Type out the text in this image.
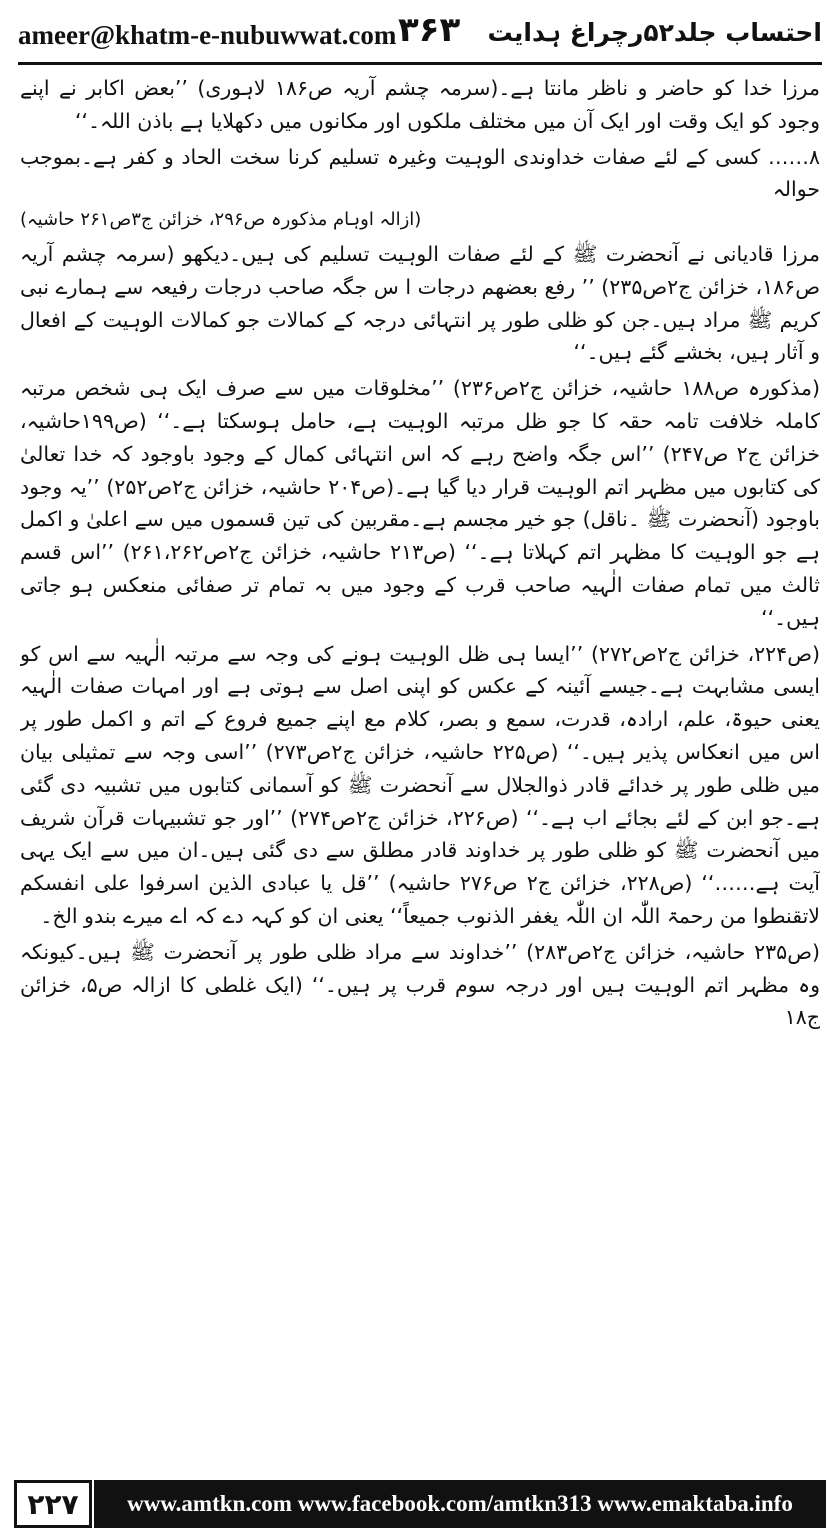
ameer@khatm-e-nubuwwat.com ۳۶۳ احتساب جلد۵۲رچراغ ہدایت

مرزا خدا کو حاضر و ناظر مانتا ہے۔(سرمہ چشم آریہ ص۱۸۶ لاہوری) ’’بعض اکابر نے اپنے وجود کو ایک وقت اور ایک آن میں مختلف ملکوں اور مکانوں میں دکھلایا ہے باذن اللہ۔‘‘

۸…… کسی کے لئے صفات خداوندی الوہیت وغیرہ تسلیم کرنا سخت الحاد و کفر ہے۔بموجب حوالہ
(ازالہ اوہام مذکورہ ص۲۹۶، خزائن ج۳ص۲۶۱ حاشیہ)

مرزا قادیانی نے آنحضرت ﷺ کے لئے صفات الوہیت تسلیم کی ہیں۔دیکھو (سرمہ چشم آریہ ص۱۸۶، خزائن ج۲ص۲۳۵) ’’ رفع بعضھم درجات ا س جگہ صاحب درجات رفیعہ سے ہمارے نبی کریم ﷺ مراد ہیں۔جن کو ظلی طور پر انتہائی درجہ کے کمالات جو کمالات الوہیت کے افعال و آثار ہیں، بخشے گئے ہیں۔‘‘

(مذکورہ ص۱۸۸ حاشیہ، خزائن ج۲ص۲۳۶) ’’مخلوقات میں سے صرف ایک ہی شخص مرتبہ کاملہ خلافت تامہ حقہ کا جو ظل مرتبہ الوہیت ہے، حامل ہوسکتا ہے۔‘‘ (ص۱۹۹حاشیہ، خزائن ج۲ ص۲۴۷) ’’اس جگہ واضح رہے کہ اس انتہائی کمال کے وجود باوجود کہ خدا تعالیٰ کی کتابوں میں مظہر اتم الوہیت قرار دیا گیا ہے۔(ص۲۰۴ حاشیہ، خزائن ج۲ص۲۵۲) ’’یہ وجود باوجود (آنحضرت ﷺ ۔ناقل) جو خیر مجسم ہے۔مقربین کی تین قسموں میں سے اعلیٰ و اکمل ہے جو الوہیت کا مظہر اتم کہلاتا ہے۔‘‘ (ص۲۱۳ حاشیہ، خزائن ج۲ص۲۶۱،۲۶۲) ’’اس قسم ثالث میں تمام صفات الٰہیہ صاحب قرب کے وجود میں بہ تمام تر صفائی منعکس ہو جاتی ہیں۔‘‘

(ص۲۲۴، خزائن ج۲ص۲۷۲) ’’ایسا ہی ظل الوہیت ہونے کی وجہ سے مرتبہ الٰہیہ سے اس کو ایسی مشابہت ہے۔جیسے آئینہ کے عکس کو اپنی اصل سے ہوتی ہے اور امہات صفات الٰہیہ یعنی حیوۃ، علم، ارادہ، قدرت، سمع و بصر، کلام مع اپنے جمیع فروع کے اتم و اکمل طور پر اس میں انعکاس پذیر ہیں۔‘‘ (ص۲۲۵ حاشیہ، خزائن ج۲ص۲۷۳) ’’اسی وجہ سے تمثیلی بیان میں ظلی طور پر خدائے قادر ذوالجلال سے آنحضرت ﷺ کو آسمانی کتابوں میں تشبیہ دی گئی ہے۔جو ابن کے لئے بجائے اب ہے۔‘‘ (ص۲۲۶، خزائن ج۲ص۲۷۴) ’’اور جو تشبیہات قرآن شریف میں آنحضرت ﷺ کو ظلی طور پر خداوند قادر مطلق سے دی گئی ہیں۔ان میں سے ایک یہی آیت ہے……‘‘ (ص۲۲۸، خزائن ج۲ ص۲۷۶ حاشیہ) ’’قل یا عبادی الذین اسرفوا علی انفسکم لاتقنطوا من رحمۃ اللّٰہ ان اللّٰہ یغفر الذنوب جمیعاً‘‘ یعنی ان کو کہہ دے کہ اے میرے بندو الخ۔

(ص۲۳۵ حاشیہ، خزائن ج۲ص۲۸۳) ’’خداوند سے مراد ظلی طور پر آنحضرت ﷺ ہیں۔کیونکہ وہ مظہر اتم الوہیت ہیں اور درجہ سوم قرب پر ہیں۔‘‘ (ایک غلطی کا ازالہ ص۵، خزائن ج۱۸

۲۲۷	www.amtkn.com www.facebook.com/amtkn313 www.emaktaba.info
